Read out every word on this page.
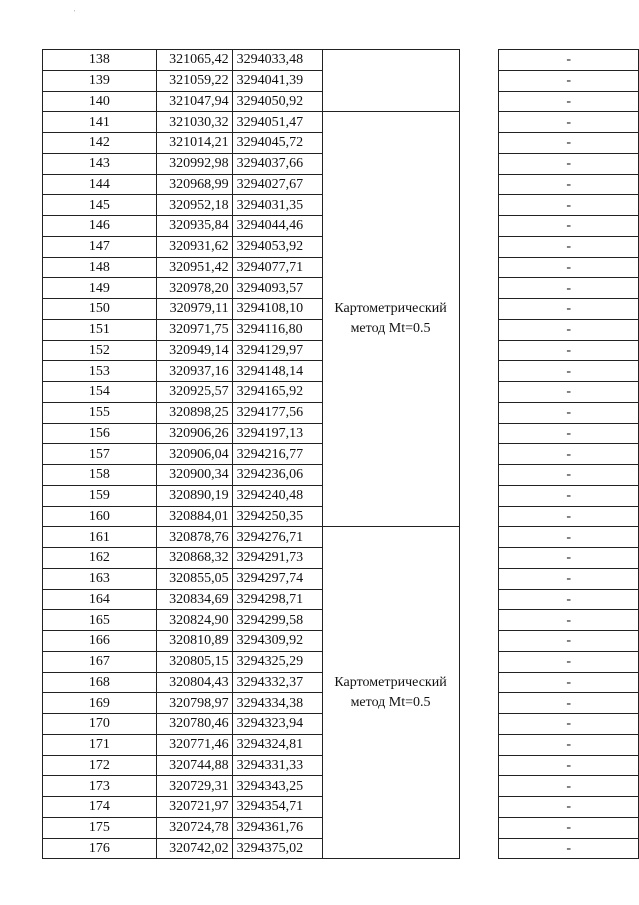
'
138	321065,42	3294033,48			-
139	321059,22	3294041,39			-
140	321047,94	3294050,92			-
141	321030,32	3294051,47	Картометрический метод Mt=0.5		-
142	321014,21	3294045,72			-
143	320992,98	3294037,66			-
144	320968,99	3294027,67			-
145	320952,18	3294031,35			-
146	320935,84	3294044,46			-
147	320931,62	3294053,92			-
148	320951,42	3294077,71			-
149	320978,20	3294093,57			-
150	320979,11	3294108,10			-
151	320971,75	3294116,80			-
152	320949,14	3294129,97			-
153	320937,16	3294148,14			-
154	320925,57	3294165,92			-
155	320898,25	3294177,56			-
156	320906,26	3294197,13			-
157	320906,04	3294216,77			-
158	320900,34	3294236,06			-
159	320890,19	3294240,48			-
160	320884,01	3294250,35			-
161	320878,76	3294276,71	Картометрический метод Mt=0.5		-
162	320868,32	3294291,73			-
163	320855,05	3294297,74			-
164	320834,69	3294298,71			-
165	320824,90	3294299,58			-
166	320810,89	3294309,92			-
167	320805,15	3294325,29			-
168	320804,43	3294332,37			-
169	320798,97	3294334,38			-
170	320780,46	3294323,94			-
171	320771,46	3294324,81			-
172	320744,88	3294331,33			-
173	320729,31	3294343,25			-
174	320721,97	3294354,71			-
175	320724,78	3294361,76			-
176	320742,02	3294375,02			-
